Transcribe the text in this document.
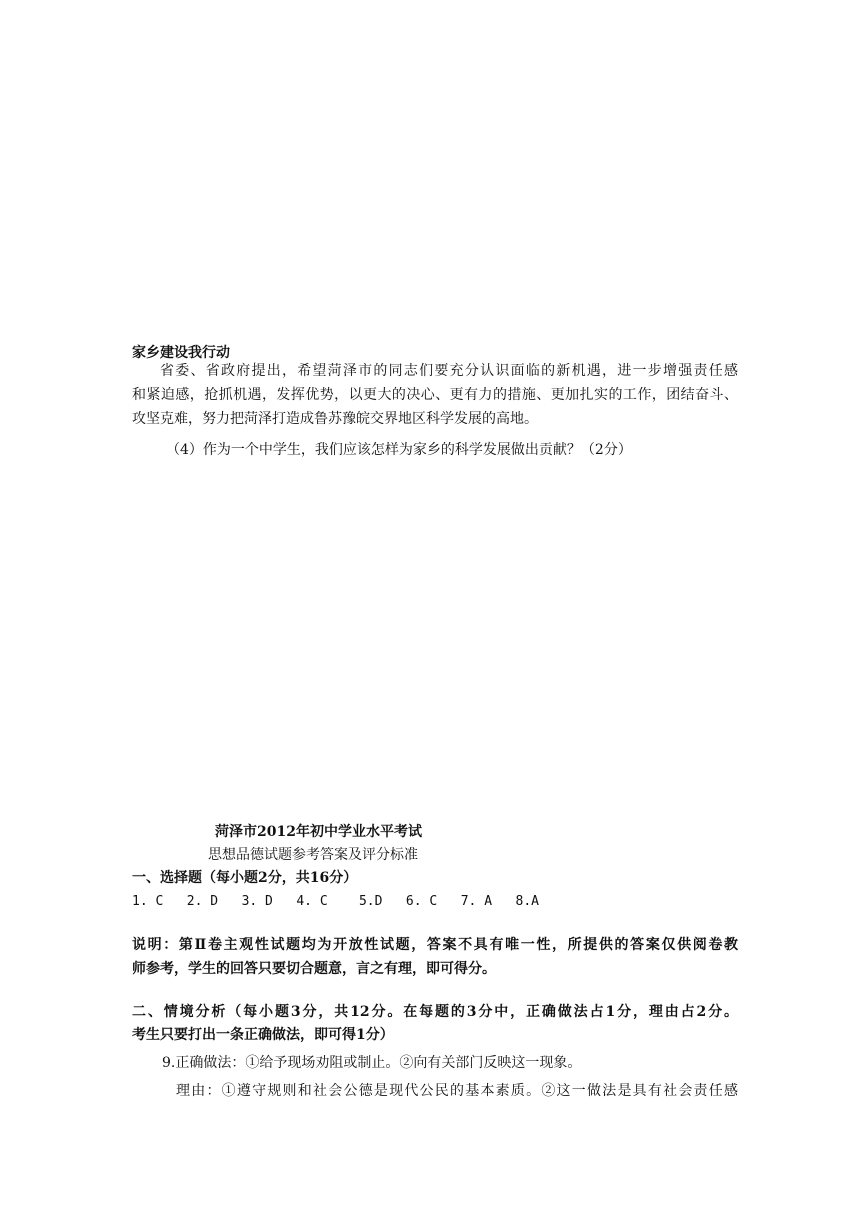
家乡建设我行动
省委、省政府提出，希望菏泽市的同志们要充分认识面临的新机遇，进一步增强责任感
和紧迫感，抢抓机遇，发挥优势，以更大的决心、更有力的措施、更加扎实的工作，团结奋斗、
攻坚克难，努力把菏泽打造成鲁苏豫皖交界地区科学发展的高地。
（4）作为一个中学生，我们应该怎样为家乡的科学发展做出贡献？（2分）
菏泽市2012年初中学业水平考试
思想品德试题参考答案及评分标准
一、选择题（每小题2分，共16分）
1. C   2. D   3. D   4. C    5.D   6. C   7. A   8.A
说明：第Ⅱ卷主观性试题均为开放性试题，答案不具有唯一性，所提供的答案仅供阅卷教
师参考，学生的回答只要切合题意，言之有理，即可得分。
二、情境分析（每小题3分，共12分。在每题的3分中，正确做法占1分，理由占2分。
考生只要打出一条正确做法，即可得1分）
9.正确做法：①给予现场劝阻或制止。②向有关部门反映这一现象。
理由：①遵守规则和社会公德是现代公民的基本素质。②这一做法是具有社会责任感
